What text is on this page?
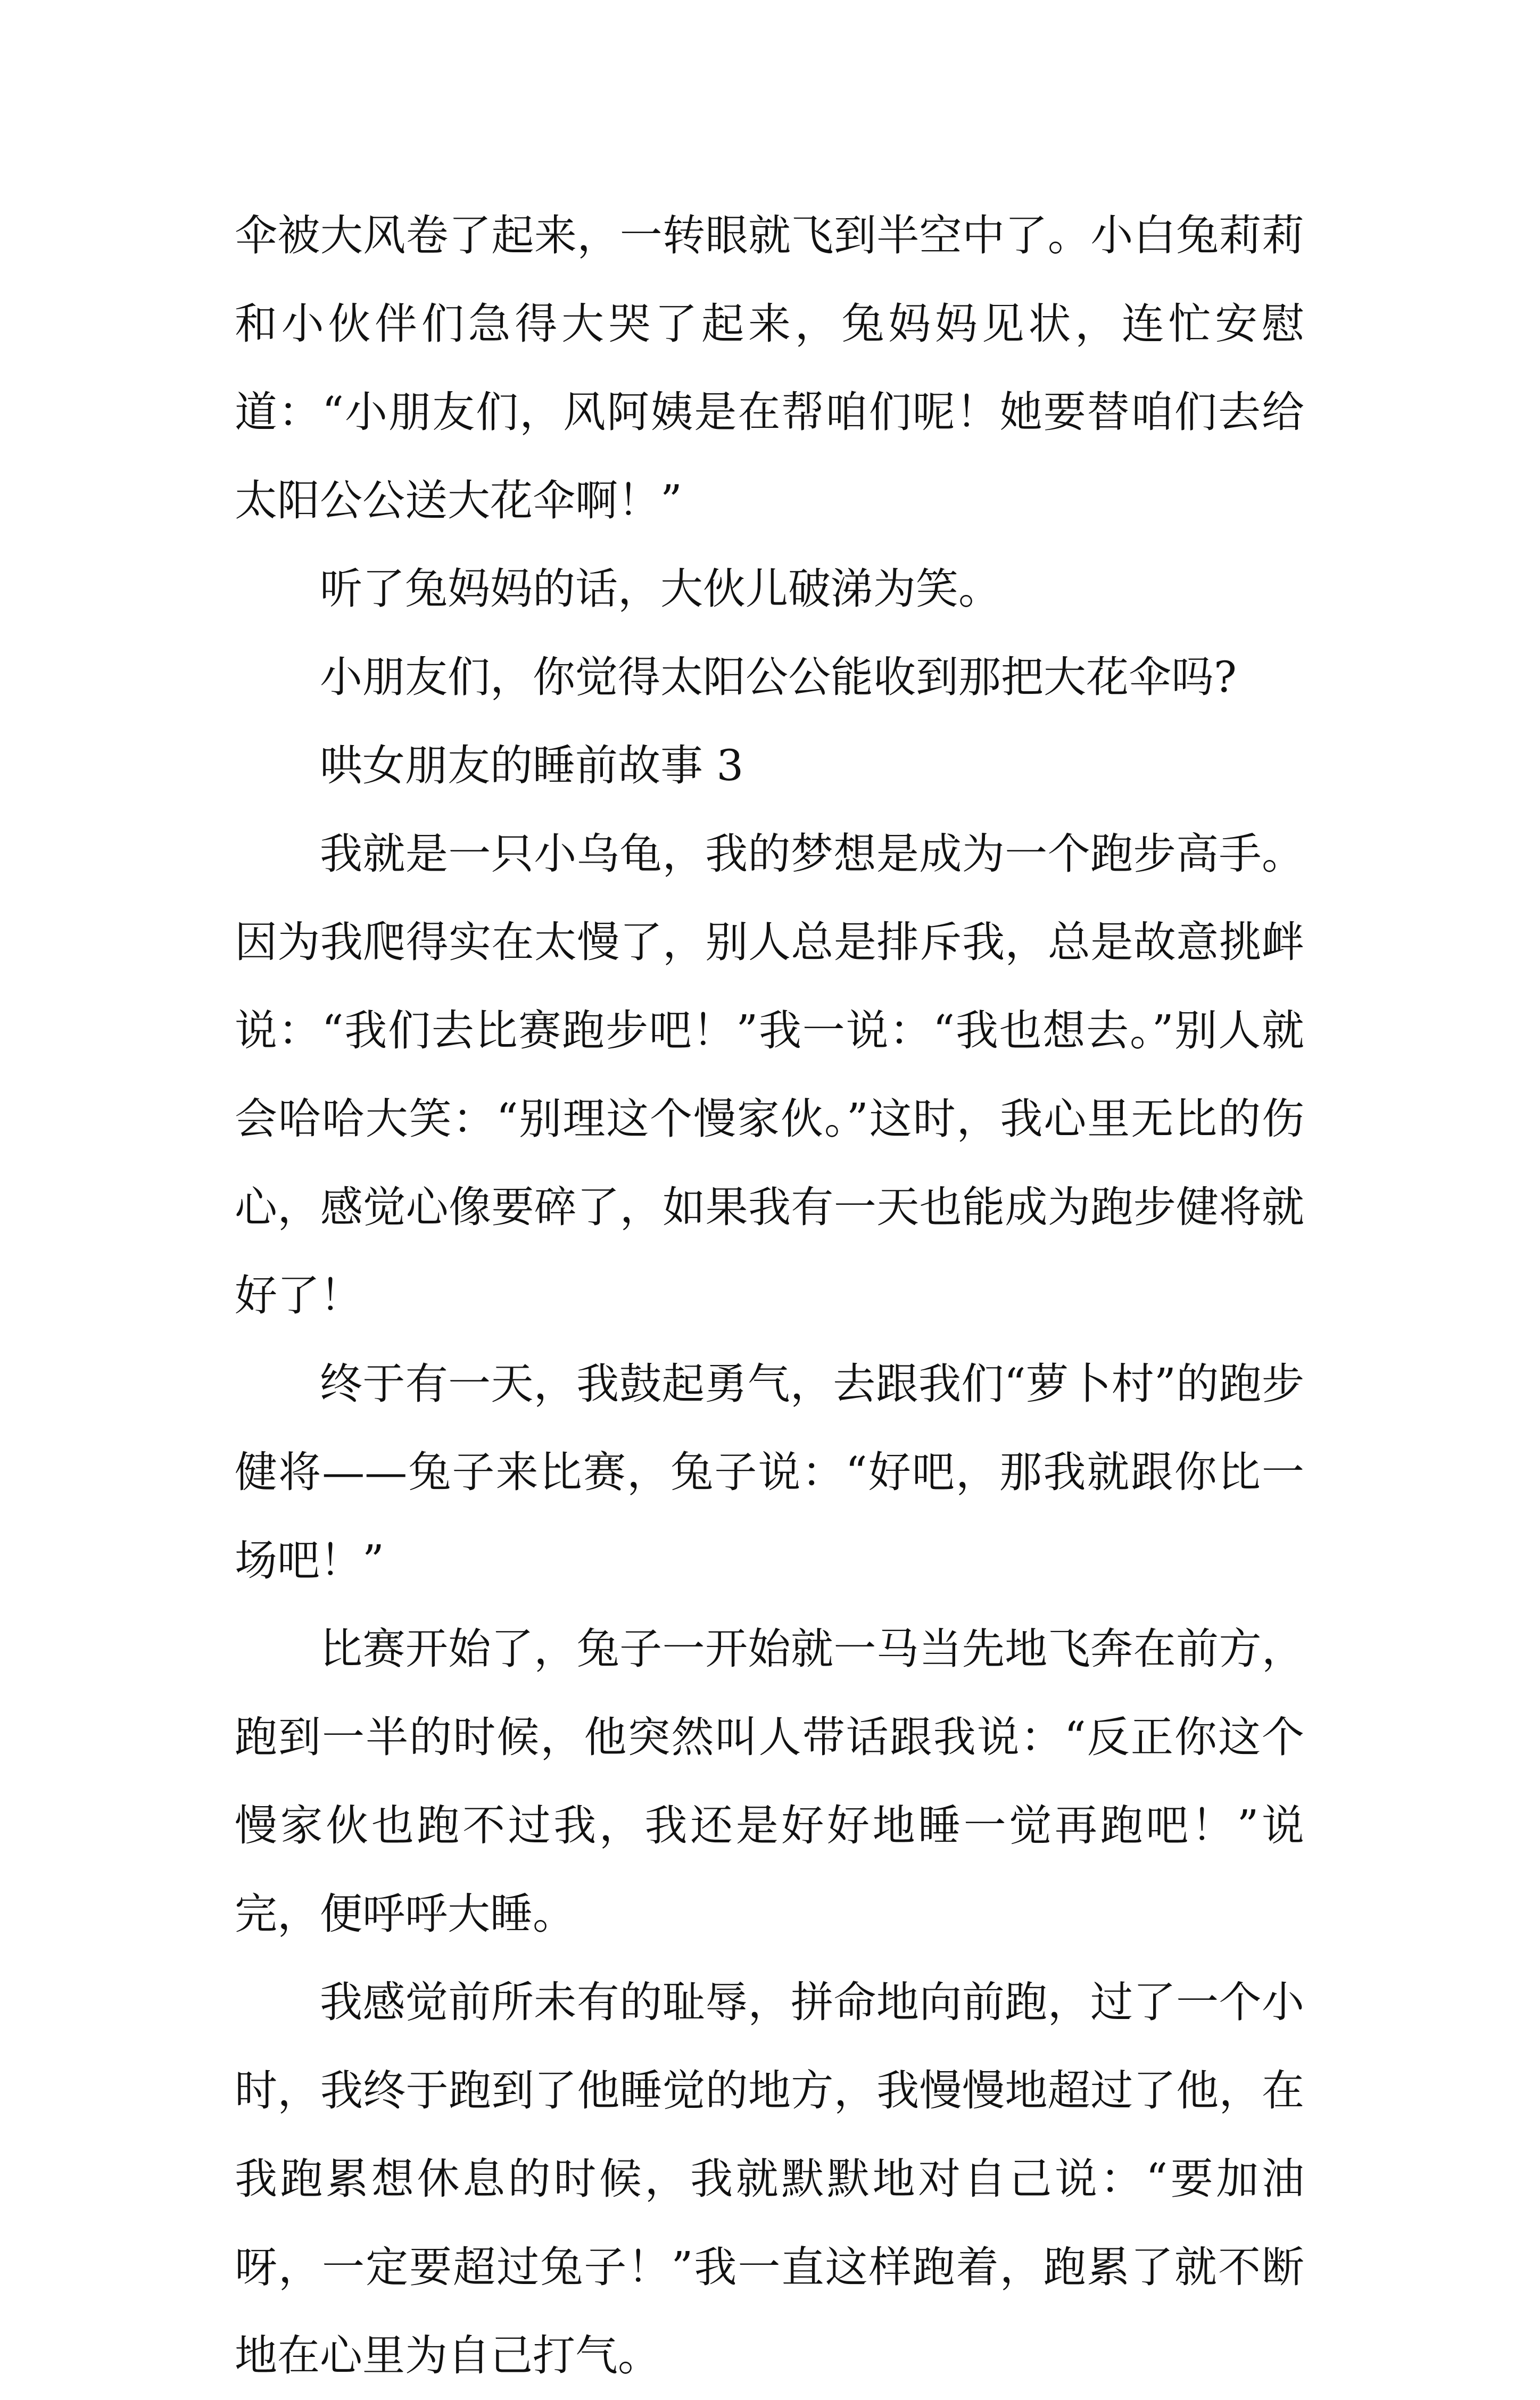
伞被大风卷了起来，一转眼就飞到半空中了。小白兔莉莉和小伙伴们急得大哭了起来，兔妈妈见状，连忙安慰道：“小朋友们，风阿姨是在帮咱们呢！她要替咱们去给太阳公公送大花伞啊！”

听了兔妈妈的话，大伙儿破涕为笑。

小朋友们，你觉得太阳公公能收到那把大花伞吗?

哄女朋友的睡前故事 3

我就是一只小乌龟，我的梦想是成为一个跑步高手。因为我爬得实在太慢了，别人总是排斥我，总是故意挑衅说：“我们去比赛跑步吧！”我一说：“我也想去。”别人就会哈哈大笑：“别理这个慢家伙。”这时，我心里无比的伤心，感觉心像要碎了，如果我有一天也能成为跑步健将就好了！

终于有一天，我鼓起勇气，去跟我们“萝卜村”的跑步健将——兔子来比赛，兔子说：“好吧，那我就跟你比一场吧！”

比赛开始了，兔子一开始就一马当先地飞奔在前方，跑到一半的时候，他突然叫人带话跟我说：“反正你这个慢家伙也跑不过我，我还是好好地睡一觉再跑吧！”说完，便呼呼大睡。

我感觉前所未有的耻辱，拼命地向前跑，过了一个小时，我终于跑到了他睡觉的地方，我慢慢地超过了他，在我跑累想休息的时候，我就默默地对自己说：“要加油呀，一定要超过兔子！”我一直这样跑着，跑累了就不断地在心里为自己打气。
